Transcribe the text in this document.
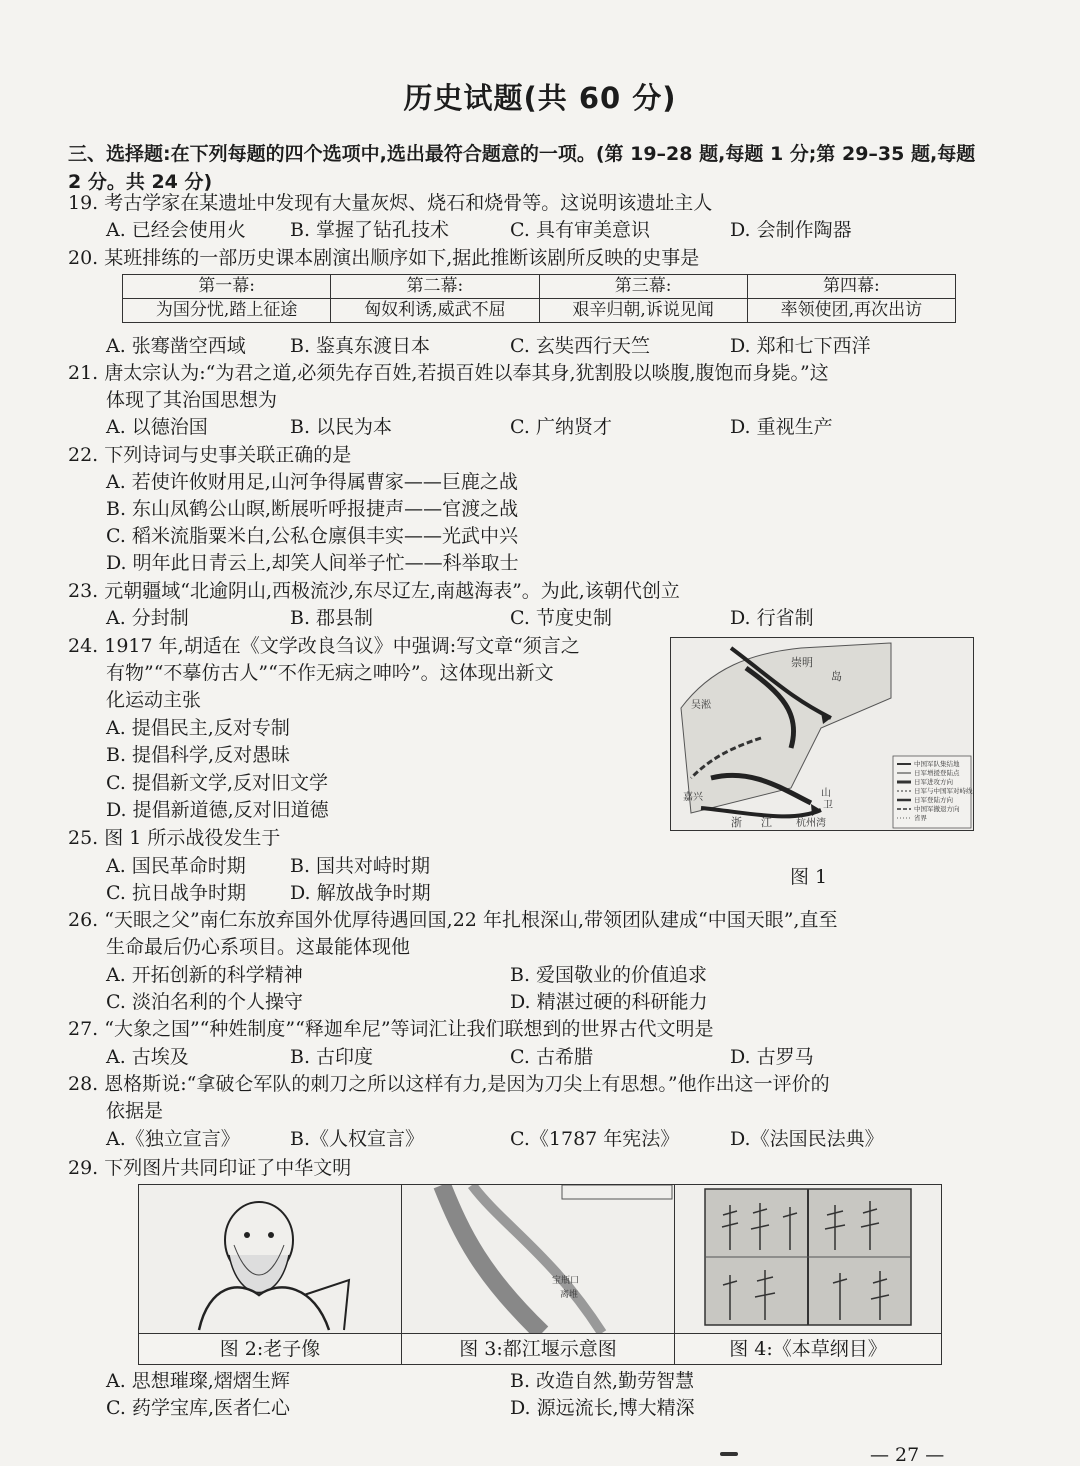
历史试题(共 60 分)
三、选择题:在下列每题的四个选项中,选出最符合题意的一项。(第 19–28 题,每题 1 分;第 29–35 题,每题 2 分。共 24 分)
19. 考古学家在某遗址中发现有大量灰烬、烧石和烧骨等。这说明该遗址主人
A. 已经会使用火 B. 掌握了钻孔技术	C. 具有审美意识	D. 会制作陶器
20. 某班排练的一部历史课本剧演出顺序如下,据此推断该剧所反映的史事是
第一幕:	第二幕:	第三幕:	第四幕:
为国分忧,踏上征途	匈奴利诱,威武不屈	艰辛归朝,诉说见闻	率领使团,再次出访
A. 张骞凿空西域 B. 鉴真东渡日本	C. 玄奘西行天竺	D. 郑和七下西洋
21. 唐太宗认为:“为君之道,必须先存百姓,若损百姓以奉其身,犹割股以啖腹,腹饱而身毙。”这
体现了其治国思想为
A. 以德治国	B. 以民为本	C. 广纳贤才	D. 重视生产
22. 下列诗词与史事关联正确的是
A. 若使许攸财用足,山河争得属曹家——巨鹿之战
B. 东山凤鹤公山暝,断展听呼报捷声——官渡之战
C. 稻米流脂粟米白,公私仓廪俱丰实——光武中兴
D. 明年此日青云上,却笑人间举子忙——科举取士
23. 元朝疆域“北逾阴山,西极流沙,东尽辽左,南越海表”。为此,该朝代创立
A. 分封制	B. 郡县制	C. 节度史制	D. 行省制
24. 1917 年,胡适在《文学改良刍议》中强调:写文章“须言之
有物”“不摹仿古人”“不作无病之呻吟”。这体现出新文
化运动主张
A. 提倡民主,反对专制
B. 提倡科学,反对愚昧
C. 提倡新文学,反对旧文学
D. 提倡新道德,反对旧道德
崇明
岛
吴淞
浙 江 杭州湾
嘉兴	山
卫
中国军队集结地
日军增援登陆点
日军进攻方向
日军与中国军对峙线
日军登陆方向
中国军撤退方向
省界
图 1
25. 图 1 所示战役发生于
A. 国民革命时期 B. 国共对峙时期
C. 抗日战争时期 D. 解放战争时期
26. “天眼之父”南仁东放弃国外优厚待遇回国,22 年扎根深山,带领团队建成“中国天眼”,直至
生命最后仍心系项目。这最能体现他
A. 开拓创新的科学精神	B. 爱国敬业的价值追求
C. 淡泊名利的个人操守	D. 精湛过硬的科研能力
27. “大象之国”“种姓制度”“释迦牟尼”等词汇让我们联想到的世界古代文明是
A. 古埃及	B. 古印度	C. 古希腊	D. 古罗马
28. 恩格斯说:“拿破仑军队的刺刀之所以这样有力,是因为刀尖上有思想。”他作出这一评价的
依据是
A.《独立宣言》	B.《人权宣言》	C.《1787 年宪法》	D.《法国民法典》
29. 下列图片共同印证了中华文明
图 2:老子像

宝瓶口
离堆
图 3:都江堰示意图	图 4:《本草纲目》
A. 思想璀璨,熠熠生辉	B. 改造自然,勤劳智慧
C. 药学宝库,医者仁心	D. 源远流长,博大精深
— 27 —
